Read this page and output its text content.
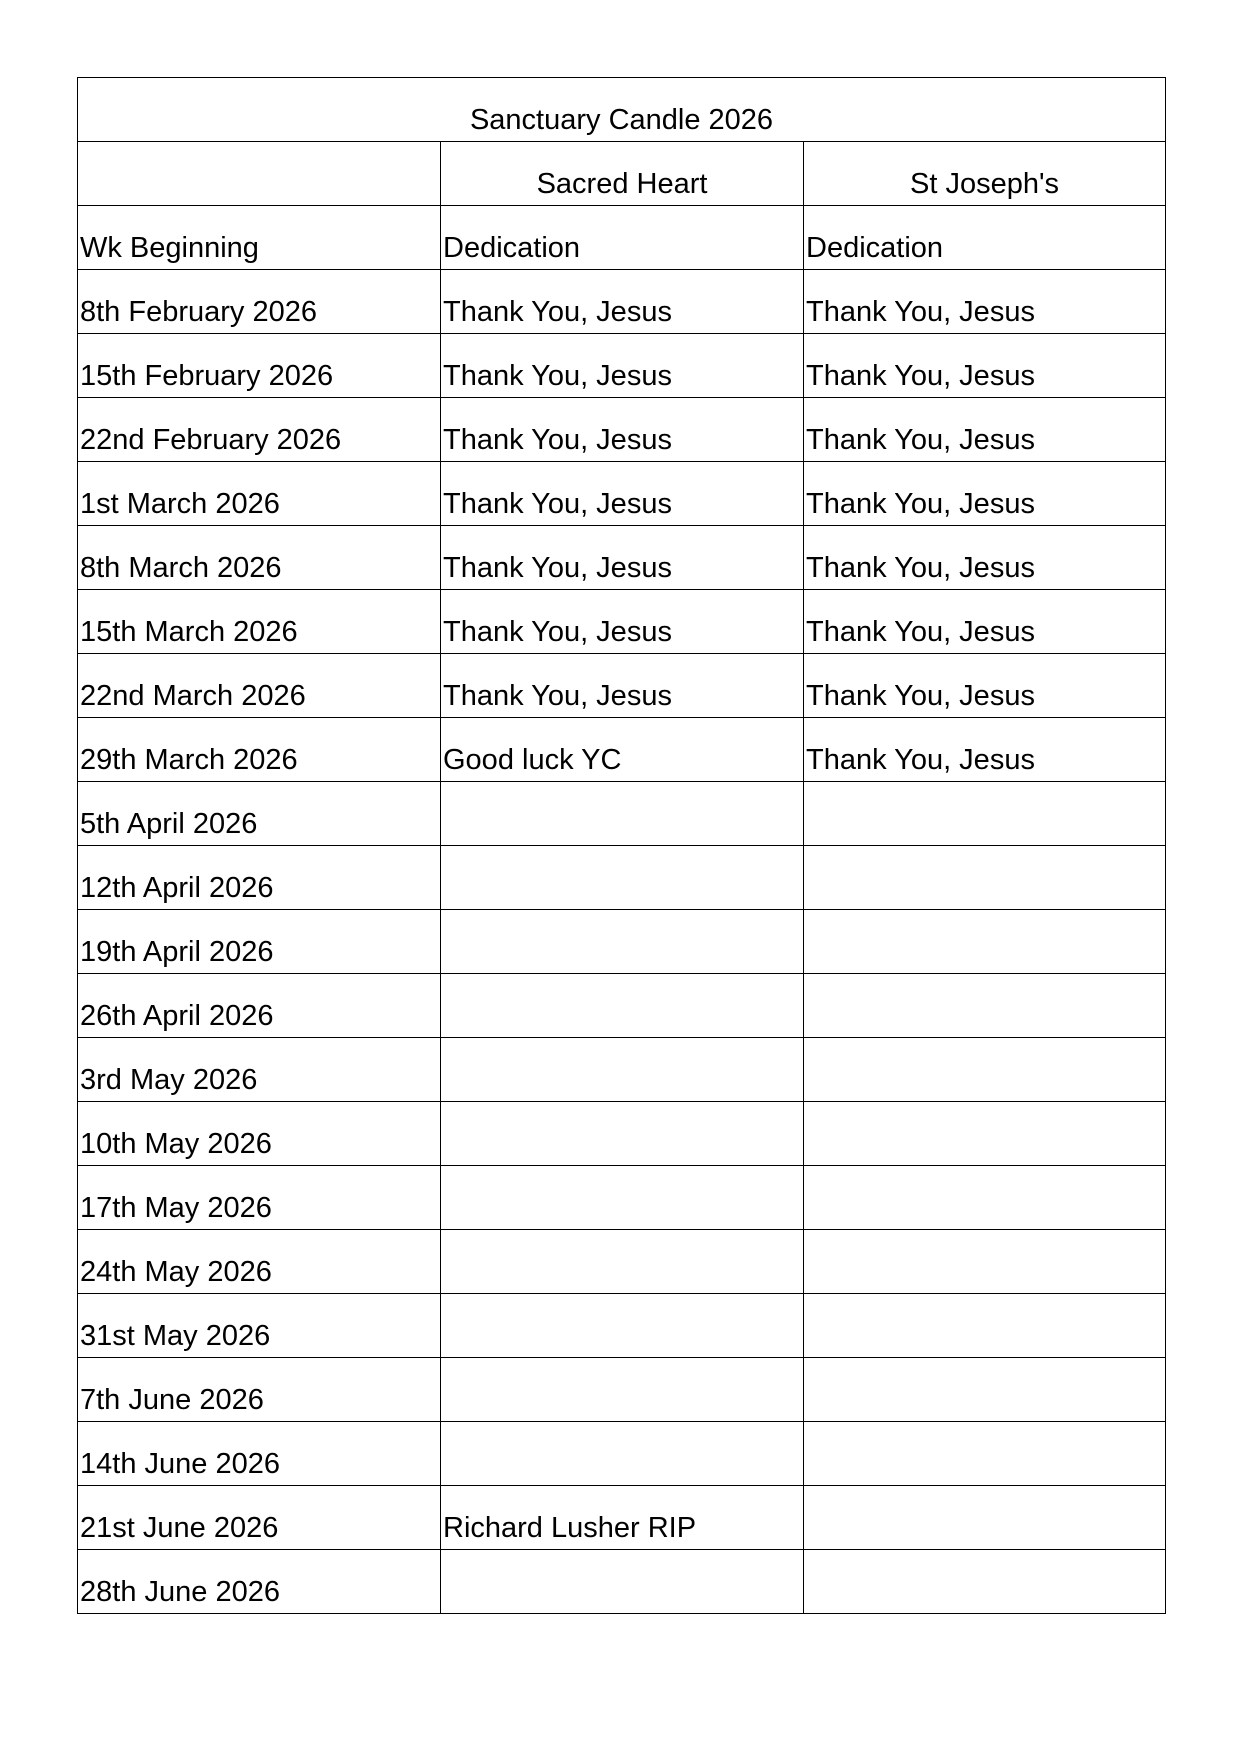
Sanctuary Candle 2026		
	Sacred Heart	St Joseph's
Wk Beginning	Dedication	Dedication
8th February 2026	Thank You, Jesus	Thank You, Jesus
15th February 2026	Thank You, Jesus	Thank You, Jesus
22nd February 2026	Thank You, Jesus	Thank You, Jesus
1st March 2026	Thank You, Jesus	Thank You, Jesus
8th March 2026	Thank You, Jesus	Thank You, Jesus
15th March 2026	Thank You, Jesus	Thank You, Jesus
22nd March 2026	Thank You, Jesus	Thank You, Jesus
29th March 2026	Good luck YC	Thank You, Jesus
5th April 2026		
12th April 2026		
19th April 2026		
26th April 2026		
3rd May 2026		
10th May 2026		
17th May 2026		
24th May 2026		
31st May 2026		
7th June 2026		
14th June 2026		
21st June 2026	Richard Lusher RIP	
28th June 2026		
